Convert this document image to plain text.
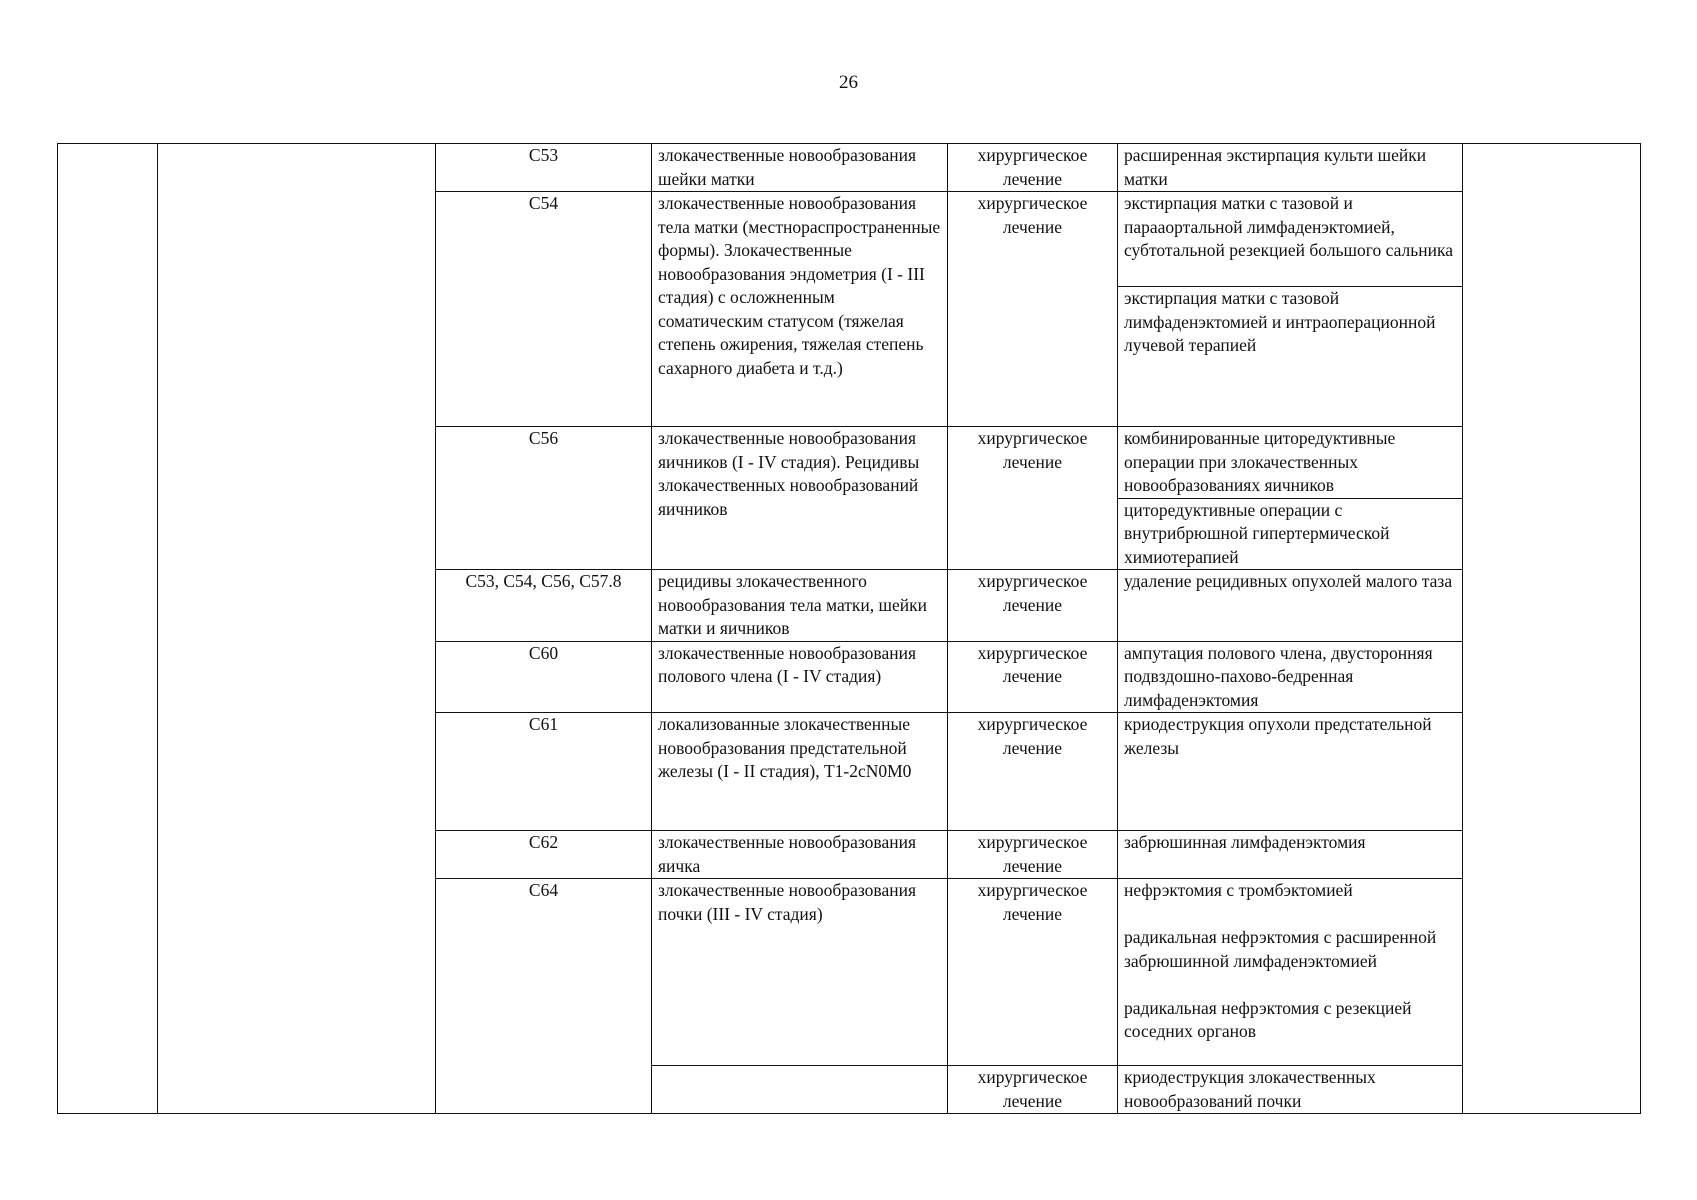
26
		C53	злокачественные новообразования шейки матки	хирургическое лечение	расширенная экстирпация культи шейки матки	
		C54	злокачественные новообразования тела матки (местнораспространенные формы). Злокачественные новообразования эндометрия (I - III стадия) с осложненным соматическим статусом (тяжелая степень ожирения, тяжелая степень сахарного диабета и т.д.)	хирургическое лечение	экстирпация матки с тазовой и парааортальной лимфаденэктомией, субтотальной резекцией большого сальника	
					экстирпация матки с тазовой лимфаденэктомией и интраоперационной лучевой терапией	
		C56	злокачественные новообразования яичников (I - IV стадия). Рецидивы злокачественных новообразований яичников	хирургическое лечение	комбинированные циторедуктивные операции при злокачественных новообразованиях яичников	
					циторедуктивные операции с внутрибрюшной гипертермической химиотерапией	
		C53, C54, C56, C57.8	рецидивы злокачественного новообразования тела матки, шейки матки и яичников	хирургическое лечение	удаление рецидивных опухолей малого таза	
		C60	злокачественные новообразования полового члена (I - IV стадия)	хирургическое лечение	ампутация полового члена, двусторонняя подвздошно-пахово-бедренная лимфаденэктомия	
		C61	локализованные злокачественные новообразования предстательной железы (I - II стадия), T1-2cN0M0	хирургическое лечение	криодеструкция опухоли предстательной железы	
		C62	злокачественные новообразования яичка	хирургическое лечение	забрюшинная лимфаденэктомия	
		C64	злокачественные новообразования почки (III - IV стадия)	хирургическое лечение	нефрэктомия с тромбэктомией
радикальная нефрэктомия с расширенной забрюшинной лимфаденэктомией
радикальная нефрэктомия с резекцией соседних органов	

				хирургическое лечение	криодеструкция злокачественных новообразований почки	
